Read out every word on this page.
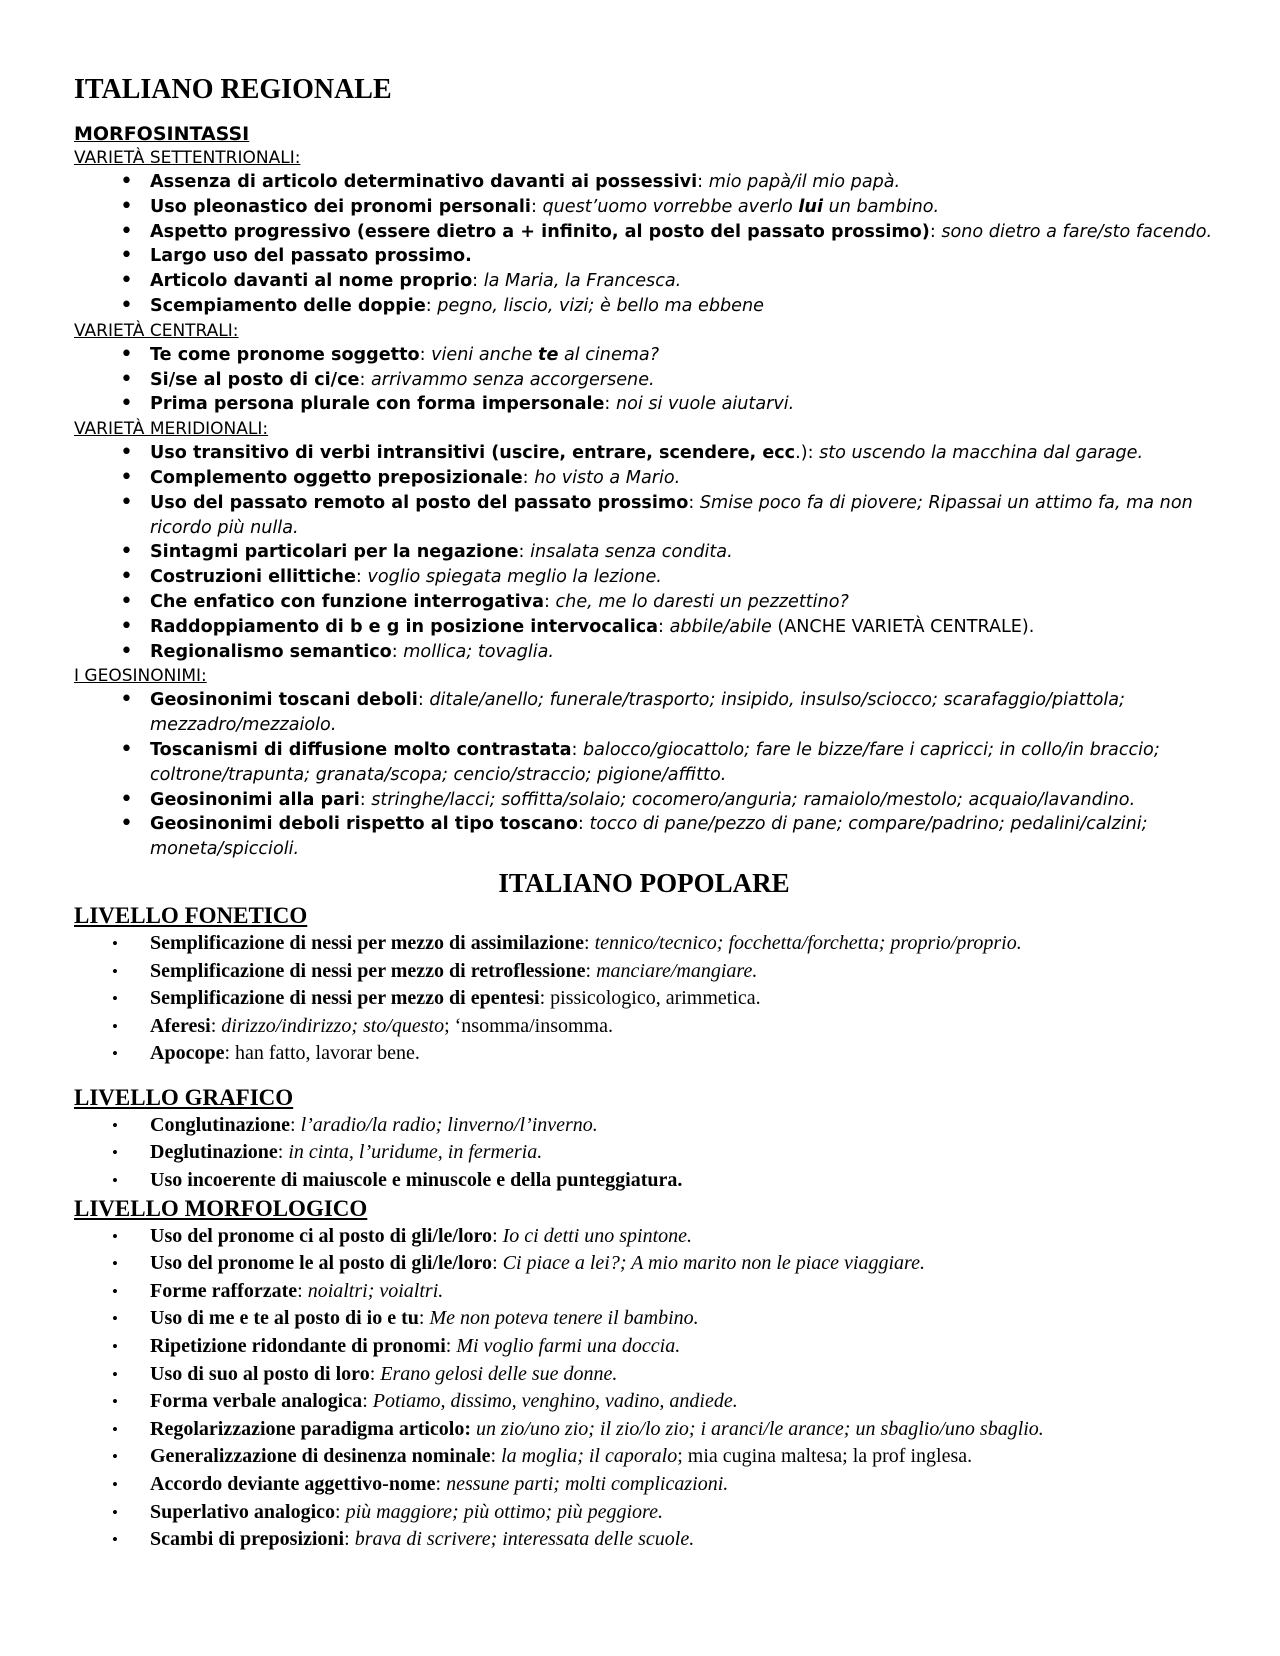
ITALIANO REGIONALE
MORFOSINTASSI
VARIETÀ SETTENTRIONALI:
• Assenza di articolo determinativo davanti ai possessivi: mio papà/il mio papà.
• Uso pleonastico dei pronomi personali: quest’uomo vorrebbe averlo lui un bambino.
• Aspetto progressivo (essere dietro a + infinito, al posto del passato prossimo): sono dietro a fare/sto facendo.
• Largo uso del passato prossimo.
• Articolo davanti al nome proprio: la Maria, la Francesca.
• Scempiamento delle doppie: pegno, liscio, vizi; è bello ma ebbene
VARIETÀ CENTRALI:
• Te come pronome soggetto: vieni anche te al cinema?
• Si/se al posto di ci/ce: arrivammo senza accorgersene.
• Prima persona plurale con forma impersonale: noi si vuole aiutarvi.
VARIETÀ MERIDIONALI:
• Uso transitivo di verbi intransitivi (uscire, entrare, scendere, ecc.): sto uscendo la macchina dal garage.
• Complemento oggetto preposizionale: ho visto a Mario.
• Uso del passato remoto al posto del passato prossimo: Smise poco fa di piovere; Ripassai un attimo fa, ma non ricordo più nulla.
• Sintagmi particolari per la negazione: insalata senza condita.
• Costruzioni ellittiche: voglio spiegata meglio la lezione.
• Che enfatico con funzione interrogativa: che, me lo daresti un pezzettino?
• Raddoppiamento di b e g in posizione intervocalica: abbile/abile (ANCHE VARIETÀ CENTRALE).
• Regionalismo semantico: mollica; tovaglia.
I GEOSINONIMI:
• Geosinonimi toscani deboli: ditale/anello; funerale/trasporto; insipido, insulso/sciocco; scarafaggio/piattola; mezzadro/mezzaiolo.
• Toscanismi di diffusione molto contrastata: balocco/giocattolo; fare le bizze/fare i capricci; in collo/in braccio; coltrone/trapunta; granata/scopa; cencio/straccio; pigione/affitto.
• Geosinonimi alla pari: stringhe/lacci; soffitta/solaio; cocomero/anguria; ramaiolo/mestolo; acquaio/lavandino.
• Geosinonimi deboli rispetto al tipo toscano: tocco di pane/pezzo di pane; compare/padrino; pedalini/calzini; moneta/spiccioli.
ITALIANO POPOLARE
LIVELLO FONETICO
• Semplificazione di nessi per mezzo di assimilazione: tennico/tecnico; focchetta/forchetta; proprio/proprio.
• Semplificazione di nessi per mezzo di retroflessione: manciare/mangiare.
• Semplificazione di nessi per mezzo di epentesi: pissicologico, arimmetica.
• Aferesi: dirizzo/indirizzo; sto/questo; ‘nsomma/insomma.
• Apocope: han fatto, lavorar bene.
LIVELLO GRAFICO
• Conglutinazione: l’aradio/la radio; linverno/l’inverno.
• Deglutinazione: in cinta, l’uridume, in fermeria.
• Uso incoerente di maiuscole e minuscole e della punteggiatura.
LIVELLO MORFOLOGICO
• Uso del pronome ci al posto di gli/le/loro: Io ci detti uno spintone.
• Uso del pronome le al posto di gli/le/loro: Ci piace a lei?; A mio marito non le piace viaggiare.
• Forme rafforzate: noialtri; voialtri.
• Uso di me e te al posto di io e tu: Me non poteva tenere il bambino.
• Ripetizione ridondante di pronomi: Mi voglio farmi una doccia.
• Uso di suo al posto di loro: Erano gelosi delle sue donne.
• Forma verbale analogica: Potiamo, dissimo, venghino, vadino, andiede.
• Regolarizzazione paradigma articolo: un zio/uno zio; il zio/lo zio; i aranci/le arance; un sbaglio/uno sbaglio.
• Generalizzazione di desinenza nominale: la moglia; il caporalo; mia cugina maltesa; la prof inglesa.
• Accordo deviante aggettivo-nome: nessune parti; molti complicazioni.
• Superlativo analogico: più maggiore; più ottimo; più peggiore.
• Scambi di preposizioni: brava di scrivere; interessata delle scuole.
